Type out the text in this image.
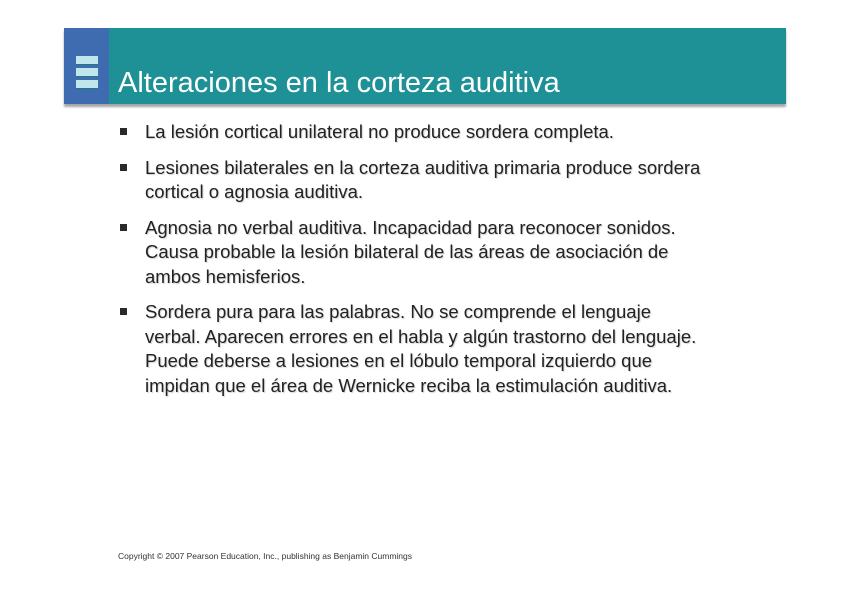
Alteraciones en la corteza auditiva
La lesión cortical unilateral no produce sordera completa.
Lesiones bilaterales en la corteza auditiva primaria produce sordera
cortical o agnosia auditiva.
Agnosia no verbal auditiva. Incapacidad para reconocer sonidos.
Causa probable la lesión bilateral de las áreas de asociación de
ambos hemisferios.
Sordera pura para las palabras. No se comprende el lenguaje
verbal. Aparecen errores en el habla y algún trastorno del lenguaje.
Puede deberse a lesiones en el lóbulo temporal izquierdo que
impidan que el área de Wernicke reciba la estimulación auditiva.
Copyright © 2007 Pearson Education, Inc., publishing as Benjamin Cummings
